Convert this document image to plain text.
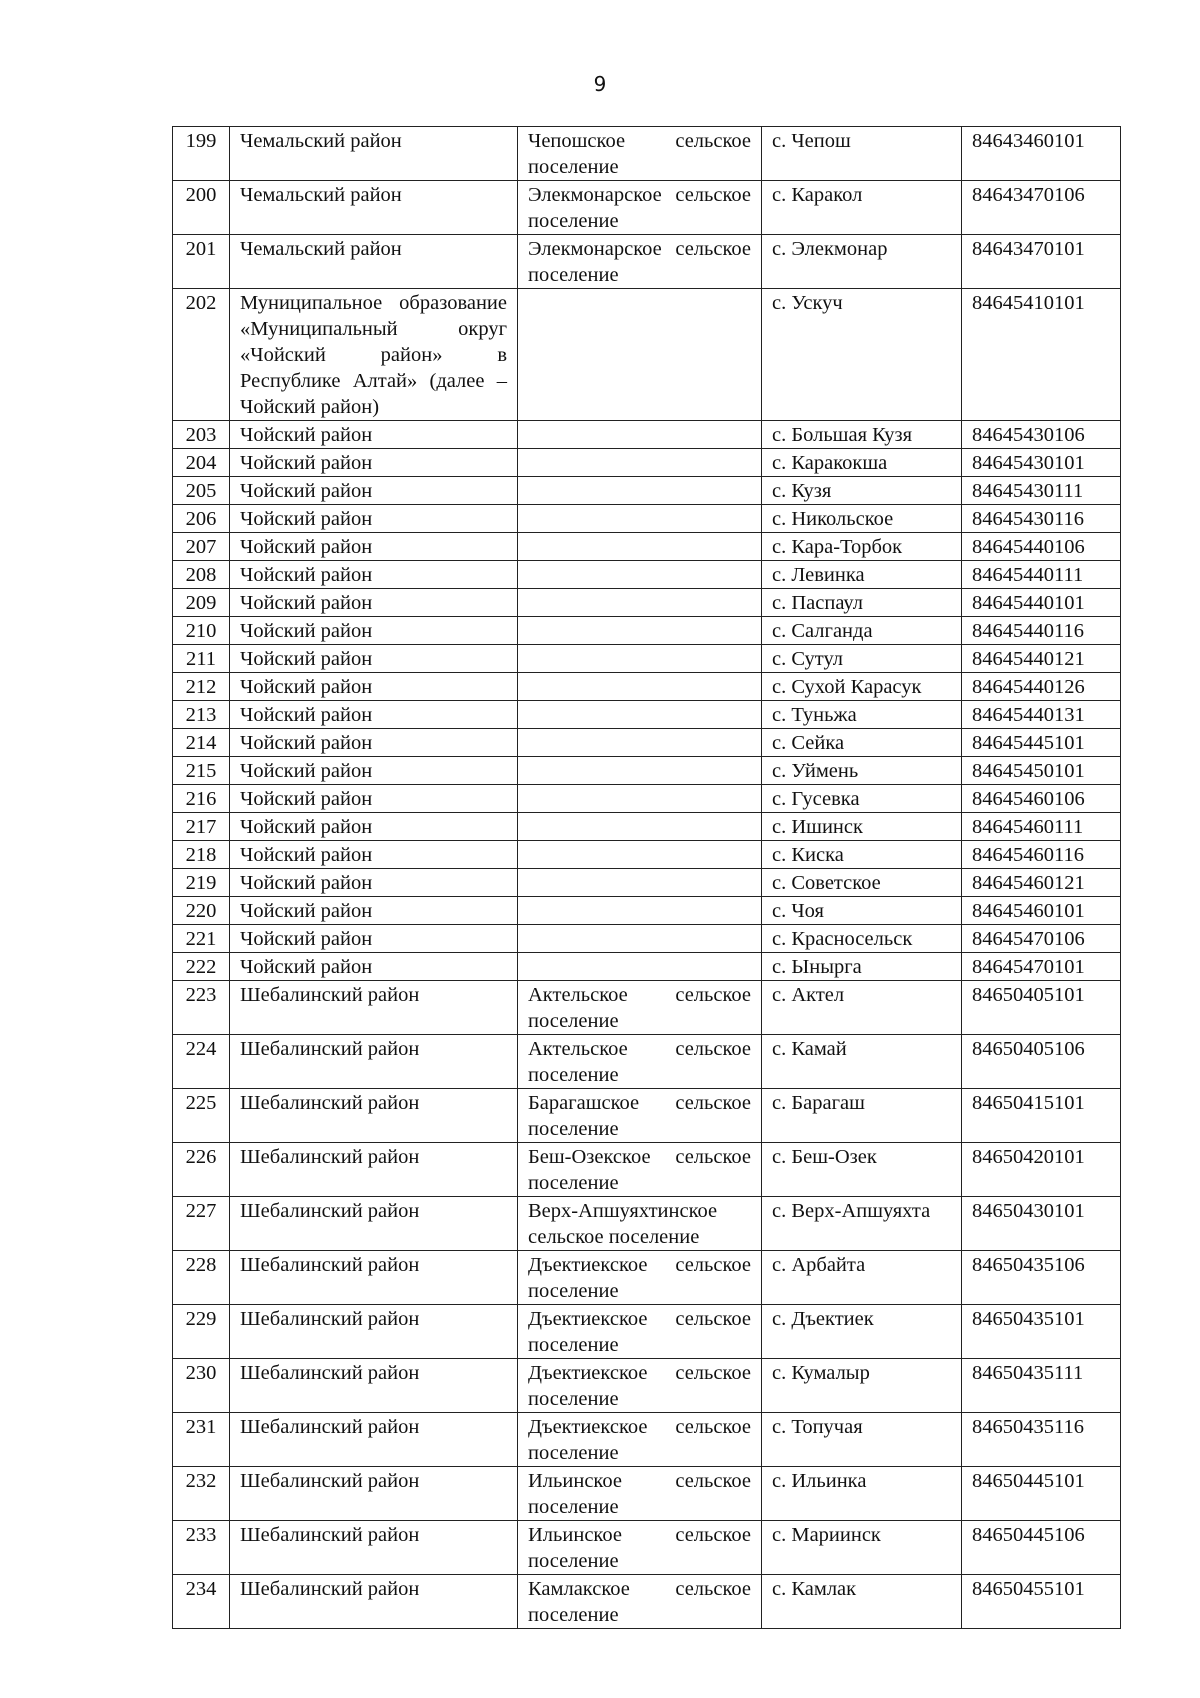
9
199	Чемальский район	Чепошское сельское поселение	с. Чепош	84643460101
200	Чемальский район	Элекмонарское сельское поселение	с. Каракол	84643470106
201	Чемальский район	Элекмонарское сельское поселение	с. Элекмонар	84643470101
202	Муниципальное образование «Муниципальный округ «Чойский район» в Республике Алтай» (далее – Чойский район)		с. Ускуч	84645410101
203	Чойский район		с. Большая Кузя	84645430106
204	Чойский район		с. Каракокша	84645430101
205	Чойский район		с. Кузя	84645430111
206	Чойский район		с. Никольское	84645430116
207	Чойский район		с. Кара-Торбок	84645440106
208	Чойский район		с. Левинка	84645440111
209	Чойский район		с. Паспаул	84645440101
210	Чойский район		с. Салганда	84645440116
211	Чойский район		с. Сутул	84645440121
212	Чойский район		с. Сухой Карасук	84645440126
213	Чойский район		с. Туньжа	84645440131
214	Чойский район		с. Сейка	84645445101
215	Чойский район		с. Уймень	84645450101
216	Чойский район		с. Гусевка	84645460106
217	Чойский район		с. Ишинск	84645460111
218	Чойский район		с. Киска	84645460116
219	Чойский район		с. Советское	84645460121
220	Чойский район		с. Чоя	84645460101
221	Чойский район		с. Красносельск	84645470106
222	Чойский район		с. Ынырга	84645470101
223	Шебалинский район	Актельское сельское поселение	с. Актел	84650405101
224	Шебалинский район	Актельское сельское поселение	с. Камай	84650405106
225	Шебалинский район	Барагашское сельское поселение	с. Барагаш	84650415101
226	Шебалинский район	Беш-Озекское сельское поселение	с. Беш-Озек	84650420101
227	Шебалинский район	Верх-Апшуяхтинское сельское поселение	с. Верх-Апшуяхта	84650430101
228	Шебалинский район	Дъектиекское сельское поселение	с. Арбайта	84650435106
229	Шебалинский район	Дъектиекское сельское поселение	с. Дъектиек	84650435101
230	Шебалинский район	Дъектиекское сельское поселение	с. Кумалыр	84650435111
231	Шебалинский район	Дъектиекское сельское поселение	с. Топучая	84650435116
232	Шебалинский район	Ильинское сельское поселение	с. Ильинка	84650445101
233	Шебалинский район	Ильинское сельское поселение	с. Мариинск	84650445106
234	Шебалинский район	Камлакское сельское поселение	с. Камлак	84650455101
